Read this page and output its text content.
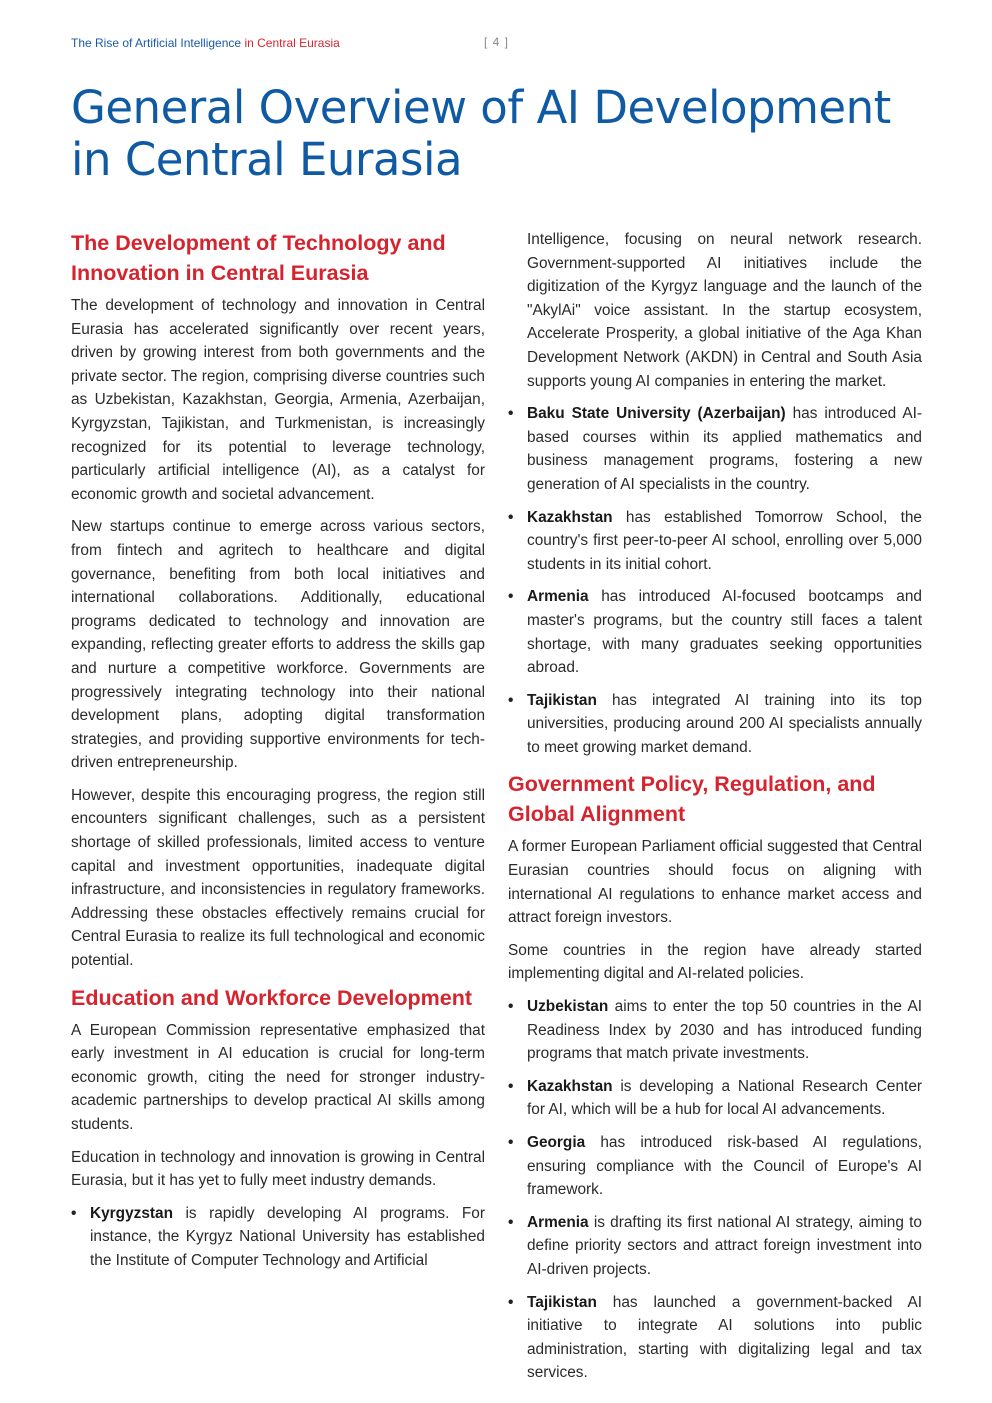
The Rise of Artificial Intelligence in Central Eurasia	[ 4 ]
General Overview of AI Development in Central Eurasia
The Development of Technology and Innovation in Central Eurasia

The development of technology and innovation in Central Eurasia has accelerated significantly over recent years, driven by growing interest from both governments and the private sector. The region, comprising diverse countries such as Uzbekistan, Kazakhstan, Georgia, Armenia, Azerbaijan, Kyrgyzstan, Tajikistan, and Turkmenistan, is increasingly recognized for its potential to leverage technology, particularly artificial intelligence (AI), as a catalyst for economic growth and societal advancement.

New startups continue to emerge across various sectors, from fintech and agritech to healthcare and digital governance, benefiting from both local initiatives and international collaborations. Additionally, educational programs dedicated to technology and innovation are expanding, reflecting greater efforts to address the skills gap and nurture a competitive workforce. Governments are progressively integrating technology into their national development plans, adopting digital transformation strategies, and providing supportive environments for tech-driven entrepreneurship.

However, despite this encouraging progress, the region still encounters significant challenges, such as a persistent shortage of skilled professionals, limited access to venture capital and investment opportunities, inadequate digital infrastructure, and inconsistencies in regulatory frameworks. Addressing these obstacles effectively remains crucial for Central Eurasia to realize its full technological and economic potential.

Education and Workforce Development

A European Commission representative emphasized that early investment in AI education is crucial for long-term economic growth, citing the need for stronger industry-academic partnerships to develop practical AI skills among students.

Education in technology and innovation is growing in Central Eurasia, but it has yet to fully meet industry demands.

• Kyrgyzstan is rapidly developing AI programs. For instance, the Kyrgyz National University has established the Institute of Computer Technology and Artificial

Intelligence, focusing on neural network research. Government-supported AI initiatives include the digitization of the Kyrgyz language and the launch of the "AkylAi" voice assistant. In the startup ecosystem, Accelerate Prosperity, a global initiative of the Aga Khan Development Network (AKDN) in Central and South Asia supports young AI companies in entering the market.

• Baku State University (Azerbaijan) has introduced AI-based courses within its applied mathematics and business management programs, fostering a new generation of AI specialists in the country.
• Kazakhstan has established Tomorrow School, the country's first peer-to-peer AI school, enrolling over 5,000 students in its initial cohort.
• Armenia has introduced AI-focused bootcamps and master's programs, but the country still faces a talent shortage, with many graduates seeking opportunities abroad.
• Tajikistan has integrated AI training into its top universities, producing around 200 AI specialists annually to meet growing market demand.
Government Policy, Regulation, and Global Alignment

A former European Parliament official suggested that Central Eurasian countries should focus on aligning with international AI regulations to enhance market access and attract foreign investors.

Some countries in the region have already started implementing digital and AI-related policies.

• Uzbekistan aims to enter the top 50 countries in the AI Readiness Index by 2030 and has introduced funding programs that match private investments.
• Kazakhstan is developing a National Research Center for AI, which will be a hub for local AI advancements.
• Georgia has introduced risk-based AI regulations, ensuring compliance with the Council of Europe's AI framework.
• Armenia is drafting its first national AI strategy, aiming to define priority sectors and attract foreign investment into AI-driven projects.
• Tajikistan has launched a government-backed AI initiative to integrate AI solutions into public administration, starting with digitalizing legal and tax services.
